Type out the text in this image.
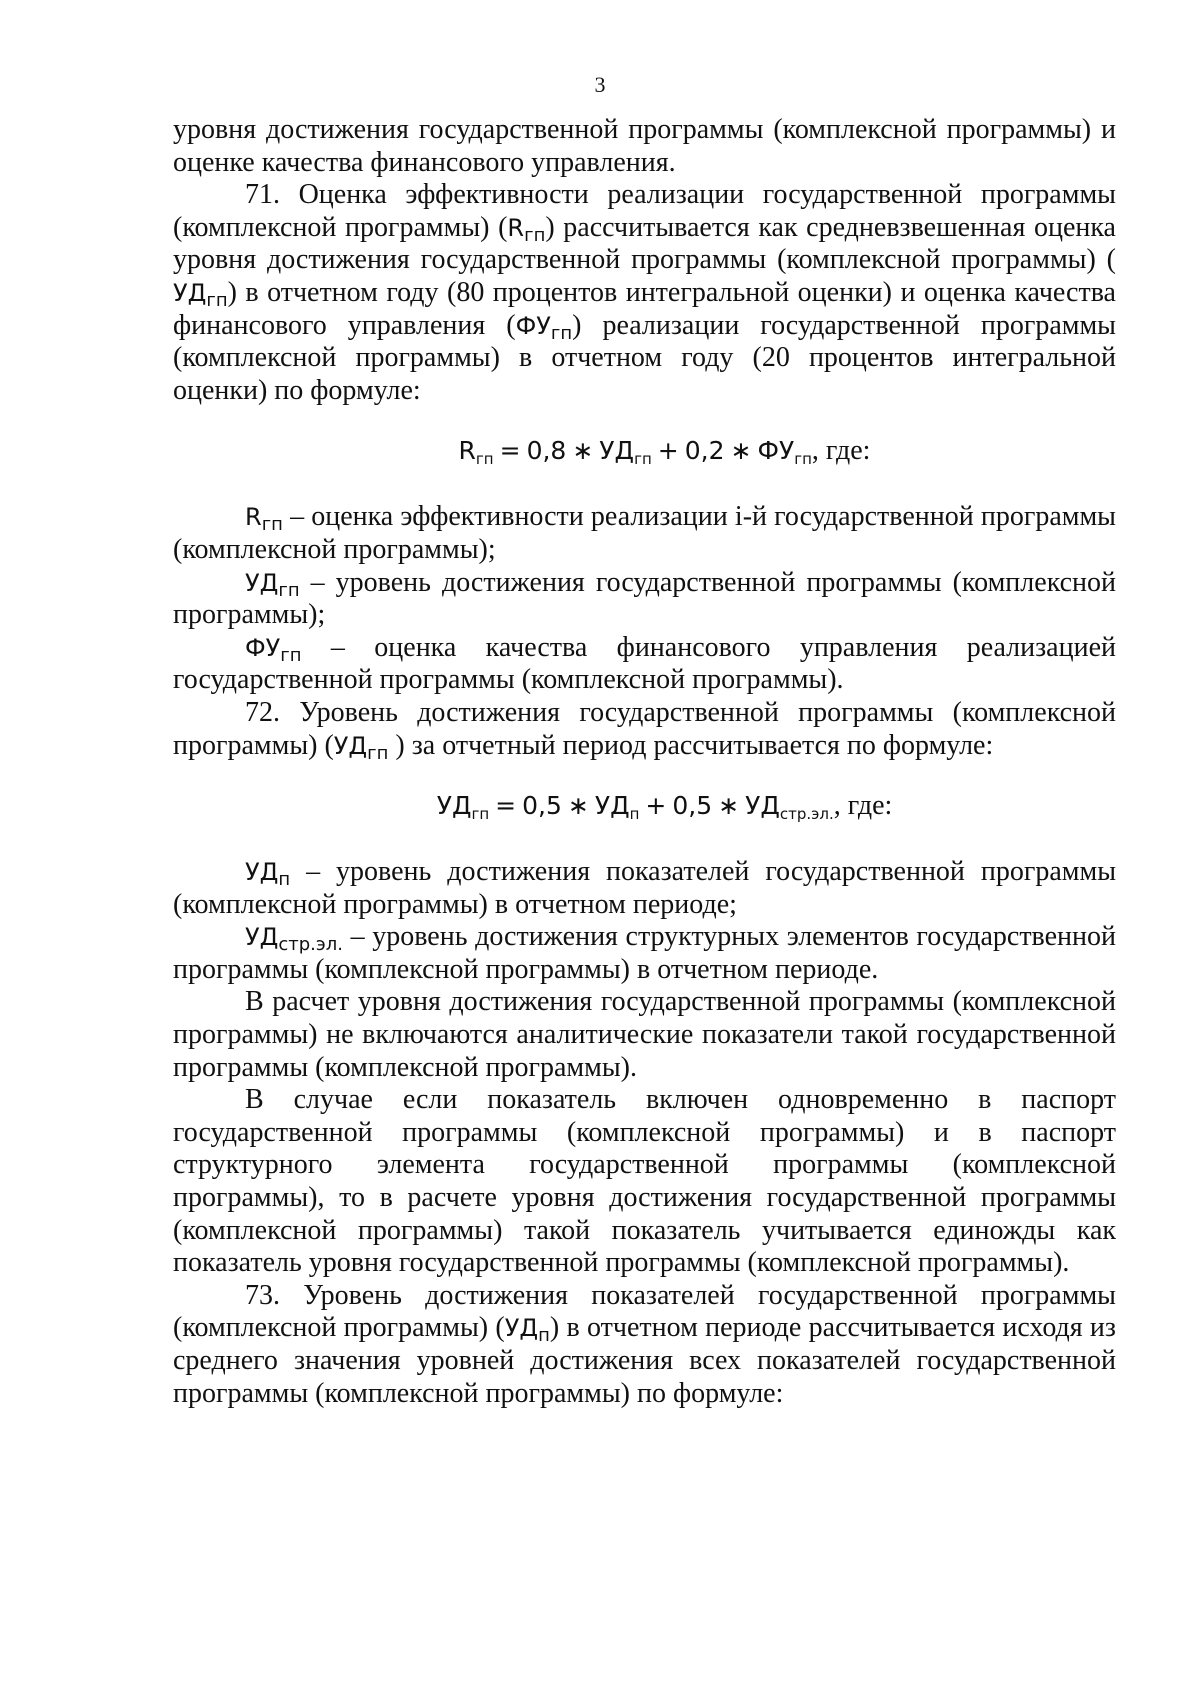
3

уровня достижения государственной программы (комплексной программы) и оценке качества финансового управления.

71. Оценка эффективности реализации государственной программы (комплексной программы) $(R_{гп})$ рассчитывается как средневзвешенная оценка уровня достижения государственной программы (комплексной программы) ( $УД_{гп}$) в отчетном году (80 процентов интегральной оценки) и оценка качества финансового управления $(ФУ_{гп})$ реализации государственной программы (комплексной программы) в отчетном году (20 процентов интегральной оценки) по формуле:

$R_{гп} = 0,8$ ∗ $УД_{гп} + 0,2$ ∗ $ФУ_{гп}$, где:

$R_{гп}$ – оценка эффективности реализации i-й государственной программы (комплексной программы);

$УД_{гп}$ – уровень достижения государственной программы (комплексной программы);

$ФУ_{гп}$ – оценка качества финансового управления реализацией государственной программы (комплексной программы).

72. Уровень достижения государственной программы (комплексной программы) ($УД_{гп}$ ) за отчетный период рассчитывается по формуле:

$УД_{гп} = 0,5$ ∗ $УД_п + 0,5$ ∗ $УД_{стр.эл.}$, где:

$УД_п$ – уровень достижения показателей государственной программы (комплексной программы) в отчетном периоде;

$УД_{стр.эл.}$ – уровень достижения структурных элементов государственной программы (комплексной программы) в отчетном периоде.

В расчет уровня достижения государственной программы (комплексной программы) не включаются аналитические показатели такой государственной программы (комплексной программы).

В случае если показатель включен одновременно в паспорт государственной программы (комплексной программы) и в паспорт структурного элемента государственной программы (комплексной программы), то в расчете уровня достижения государственной программы (комплексной программы) такой показатель учитывается единожды как показатель уровня государственной программы (комплексной программы).

73. Уровень достижения показателей государственной программы (комплексной программы) $(УД_п)$ в отчетном периоде рассчитывается исходя из среднего значения уровней достижения всех показателей государственной программы (комплексной программы) по формуле:
